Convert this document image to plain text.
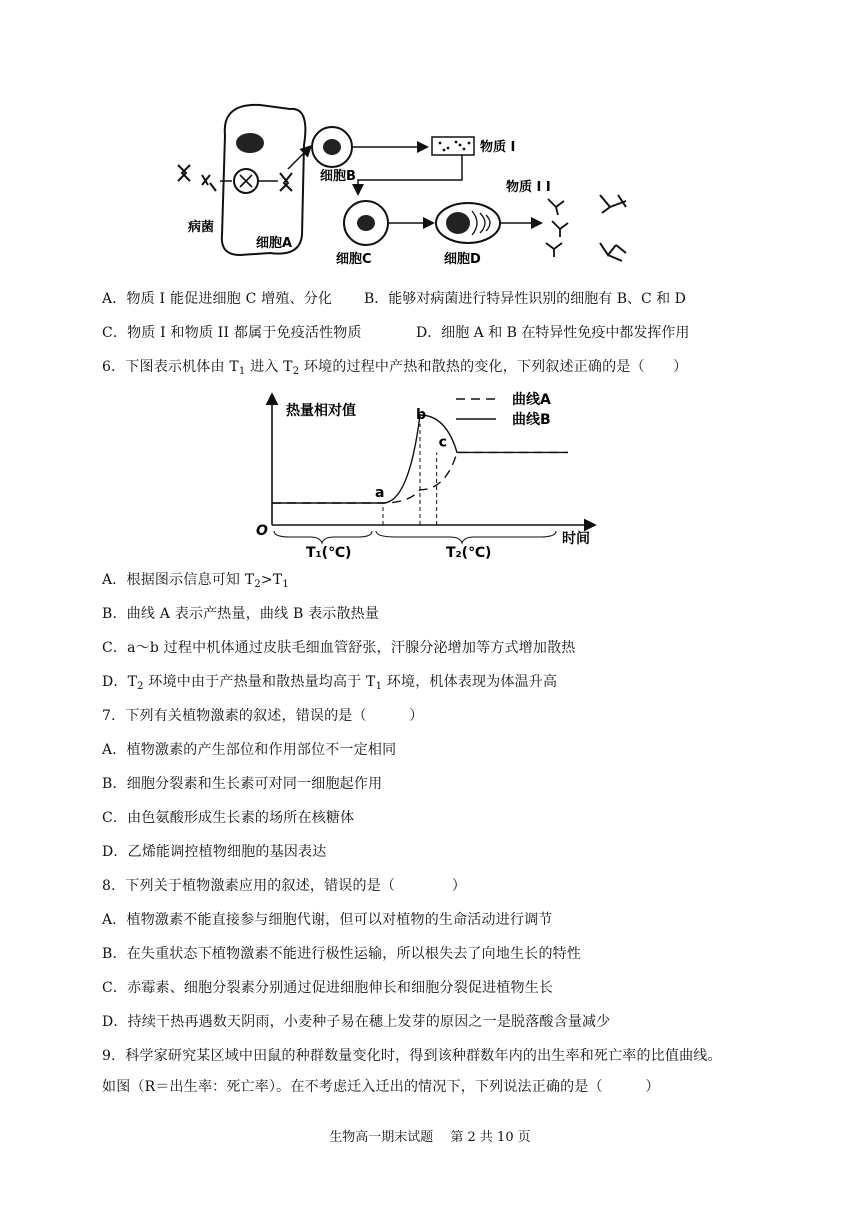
细胞B
物质 I
物质 I I
病菌
细胞A
细胞C	细胞D
A．物质 I 能促进细胞 C 增殖、分化 B．能够对病菌进行特异性识别的细胞有 B、C 和 D
C．物质 I 和物质 II 都属于免疫活性物质	D．细胞 A 和 B 在特异性免疫中都发挥作用
6．下图表示机体由 $T_1$ 进入 $T_2$ 环境的过程中产热和散热的变化，下列叙述正确的是（　　）
O
热量相对值
时间
曲线A
曲线B
a
b
c
T₁(℃)	T₂(℃)
A．根据图示信息可知 $T_2>T_1$
B．曲线 A 表示产热量，曲线 B 表示散热量
C．a～b 过程中机体通过皮肤毛细血管舒张，汗腺分泌增加等方式增加散热
D．$T_2$ 环境中由于产热量和散热量均高于 $T_1$ 环境，机体表现为体温升高
7．下列有关植物激素的叙述，错误的是（　　　）
A．植物激素的产生部位和作用部位不一定相同
B．细胞分裂素和生长素可对同一细胞起作用
C．由色氨酸形成生长素的场所在核糖体
D．乙烯能调控植物细胞的基因表达
8．下列关于植物激素应用的叙述，错误的是（　　　　）
A．植物激素不能直接参与细胞代谢，但可以对植物的生命活动进行调节
B．在失重状态下植物激素不能进行极性运输，所以根失去了向地生长的特性
C．赤霉素、细胞分裂素分别通过促进细胞伸长和细胞分裂促进植物生长
D．持续干热再遇数天阴雨，小麦种子易在穗上发芽的原因之一是脱落酸含量减少
9．科学家研究某区域中田鼠的种群数量变化时，得到该种群数年内的出生率和死亡率的比值曲线。
如图（R＝出生率：死亡率）。在不考虑迁入迁出的情况下，下列说法正确的是（　　　）
生物高一期末试题　 第 2 共 10 页
